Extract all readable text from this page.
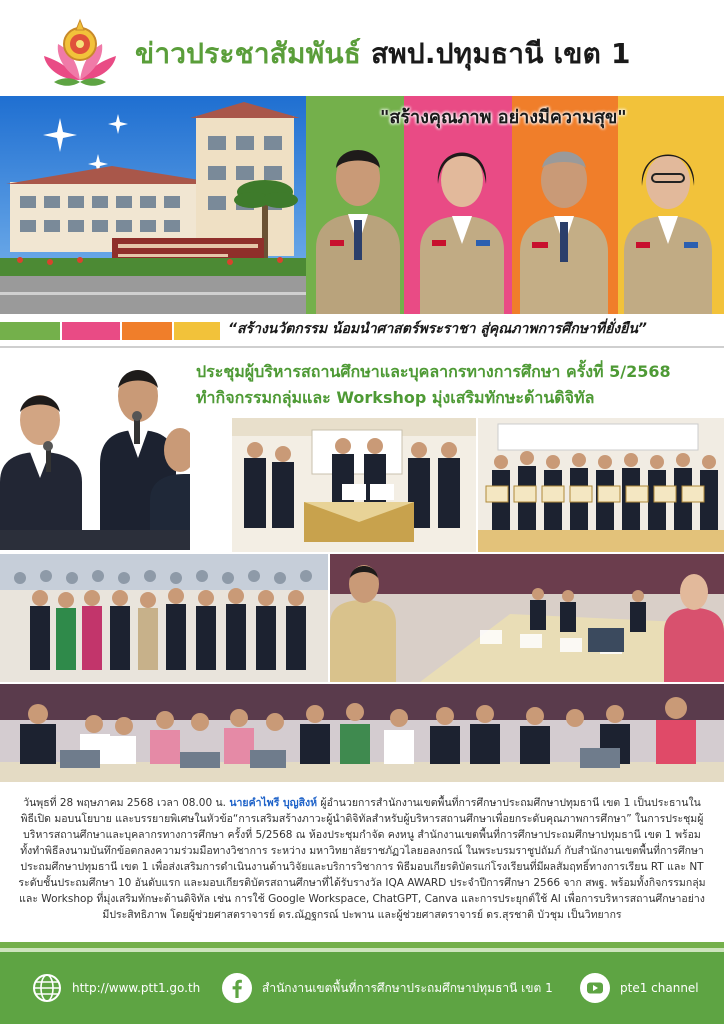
ข่าวประชาสัมพันธ์ สพป.ปทุมธานี เขต 1
"สร้างคุณภาพ อย่างมีความสุข"
“สร้างนวัตกรรม น้อมนำศาสตร์พระราชา สู่คุณภาพการศึกษาที่ยั่งยืน”
ประชุมผู้บริหารสถานศึกษาและบุคลากรทางการศึกษา ครั้งที่ 5/2568
ทำกิจกรรมกลุ่มและ Workshop มุ่งเสริมทักษะด้านดิจิทัล
วันพุธที่ 28 พฤษภาคม 2568 เวลา 08.00 น. นายคำไพรี บุญสิงห์ ผู้อำนวยการสำนักงานเขตพื้นที่การศึกษาประถมศึกษาปทุมธานี เขต 1 เป็นประธานในพิธีเปิด มอบนโยบาย และบรรยายพิเศษในหัวข้อ“การเสริมสร้างภาวะผู้นำดิจิทัลสำหรับผู้บริหารสถานศึกษาเพื่อยกระดับคุณภาพการศึกษา” ในการประชุมผู้บริหารสถานศึกษาและบุคลากรทางการศึกษา ครั้งที่ 5/2568 ณ ห้องประชุมกำจัด คงหนู สำนักงานเขตพื้นที่การศึกษาประถมศึกษาปทุมธานี เขต 1 พร้อมทั้งทำพิธีลงนามบันทึกข้อตกลงความร่วมมือทางวิชาการ ระหว่าง มหาวิทยาลัยราชภัฏวไลยอลงกรณ์ ในพระบรมราชูปถัมภ์ กับสำนักงานเขตพื้นที่การศึกษาประถมศึกษาปทุมธานี เขต 1 เพื่อส่งเสริมการดำเนินงานด้านวิจัยและบริการวิชาการ พิธีมอบเกียรติบัตรแก่โรงเรียนที่มีผลสัมฤทธิ์ทางการเรียน RT และ NT ระดับชั้นประถมศึกษา 10 อันดับแรก และมอบเกียรติบัตรสถานศึกษาที่ได้รับรางวัล IQA AWARD ประจำปีการศึกษา 2566 จาก สพฐ. พร้อมทั้งกิจกรรมกลุ่มและ Workshop ที่มุ่งเสริมทักษะด้านดิจิทัล เช่น การใช้ Google Workspace, ChatGPT, Canva และการประยุกต์ใช้ AI เพื่อการบริหารสถานศึกษาอย่างมีประสิทธิภาพ โดยผู้ช่วยศาสตราจารย์ ดร.ณัฏฐกรณ์ ปะพาน และผู้ช่วยศาสตราจารย์ ดร.สุรชาติ บัวชุม เป็นวิทยากร
http://www.ptt1.go.th	สำนักงานเขตพื้นที่การศึกษาประถมศึกษาปทุมธานี เขต 1	pte1 channel
